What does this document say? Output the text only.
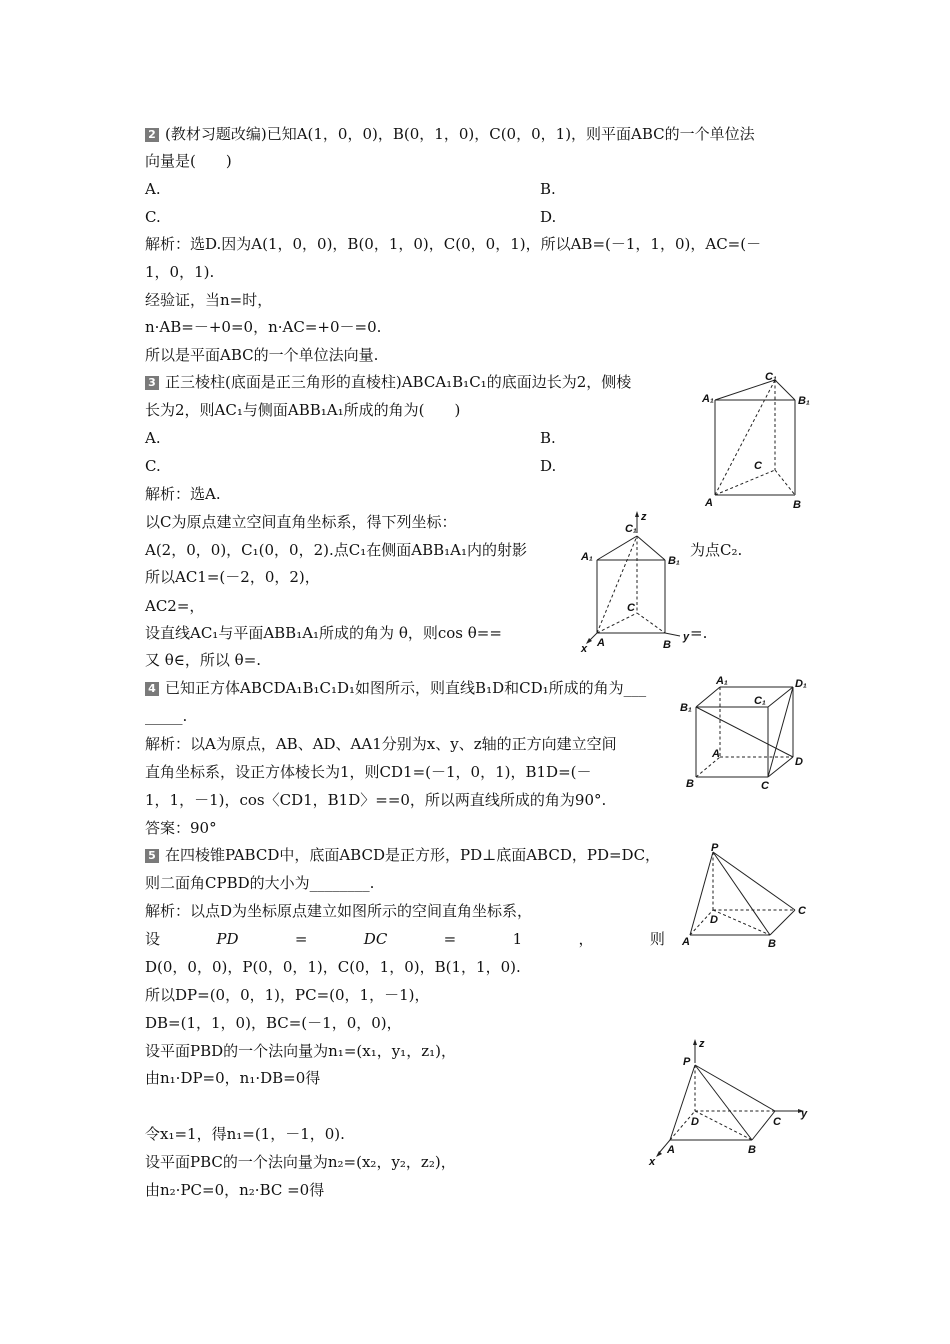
2 (教材习题改编)已知A(1，0，0)，B(0，1，0)，C(0，0，1)，则平面ABC的一个单位法
向量是(　　)
A.	B.
C.	D.
解析：选D.因为A(1，0，0)，B(0，1，0)，C(0，0，1)，所以AB=(－1，1，0)，AC=(－
1，0，1).
经验证，当n=时，
n·AB=－+0=0，n·AC=+0－=0.
所以是平面ABC的一个单位法向量.
3 正三棱柱(底面是正三角形的直棱柱)ABCA₁B₁C₁的底面边长为2，侧棱
长为2，则AC₁与侧面ABB₁A₁所成的角为(　　)
A.	B.
C.	D.
解析：选A.
以C为原点建立空间直角坐标系，得下列坐标：
A(2，0，0)，C₁(0，0，2).点C₁在侧面ABB₁A₁内的射影	为点C₂.
所以AC1=(－2，0，2)，
AC2=，
设直线AC₁与平面ABB₁A₁所成的角为 θ，则cos θ==	=.
又 θ∈，所以 θ=.
4 已知正方体ABCDA₁B₁C₁D₁如图所示，则直线B₁D和CD₁所成的角为___
_____.
解析：以A为原点，AB、AD、AA1分别为x、y、z轴的正方向建立空间
直角坐标系，设正方体棱长为1，则CD1=(－1，0，1)，B1D=(－
1，1，－1)，cos〈CD1，B1D〉==0，所以两直线所成的角为90°.
答案：90°
5 在四棱锥PABCD中，底面ABCD是正方形，PD⊥底面ABCD，PD=DC，
则二面角CPBD的大小为________.
解析：以点D为坐标原点建立如图所示的空间直角坐标系，
设	PD	=	DC	=	1	，	则
D(0，0，0)，P(0，0，1)，C(0，1，0)，B(1，1，0).
所以DP=(0，0，1)，PC=(0，1，－1)，
DB=(1，1，0)，BC=(－1，0，0)，
设平面PBD的一个法向量为n₁=(x₁，y₁，z₁)，
由n₁·DP=0，n₁·DB=0得
令x₁=1，得n₁=(1，－1，0).
设平面PBC的一个法向量为n₂=(x₂，y₂，z₂)，
由n₂·PC=0，n₂·BC =0得
C₁
A₁	B₁
C
A	B
z
C₁
A₁	B₁
C
A	B
x
y
A₁	D₁
C₁
B₁
A
D
B	C
P
D
C
A	B
z
P
D	C
A	B
x
y
